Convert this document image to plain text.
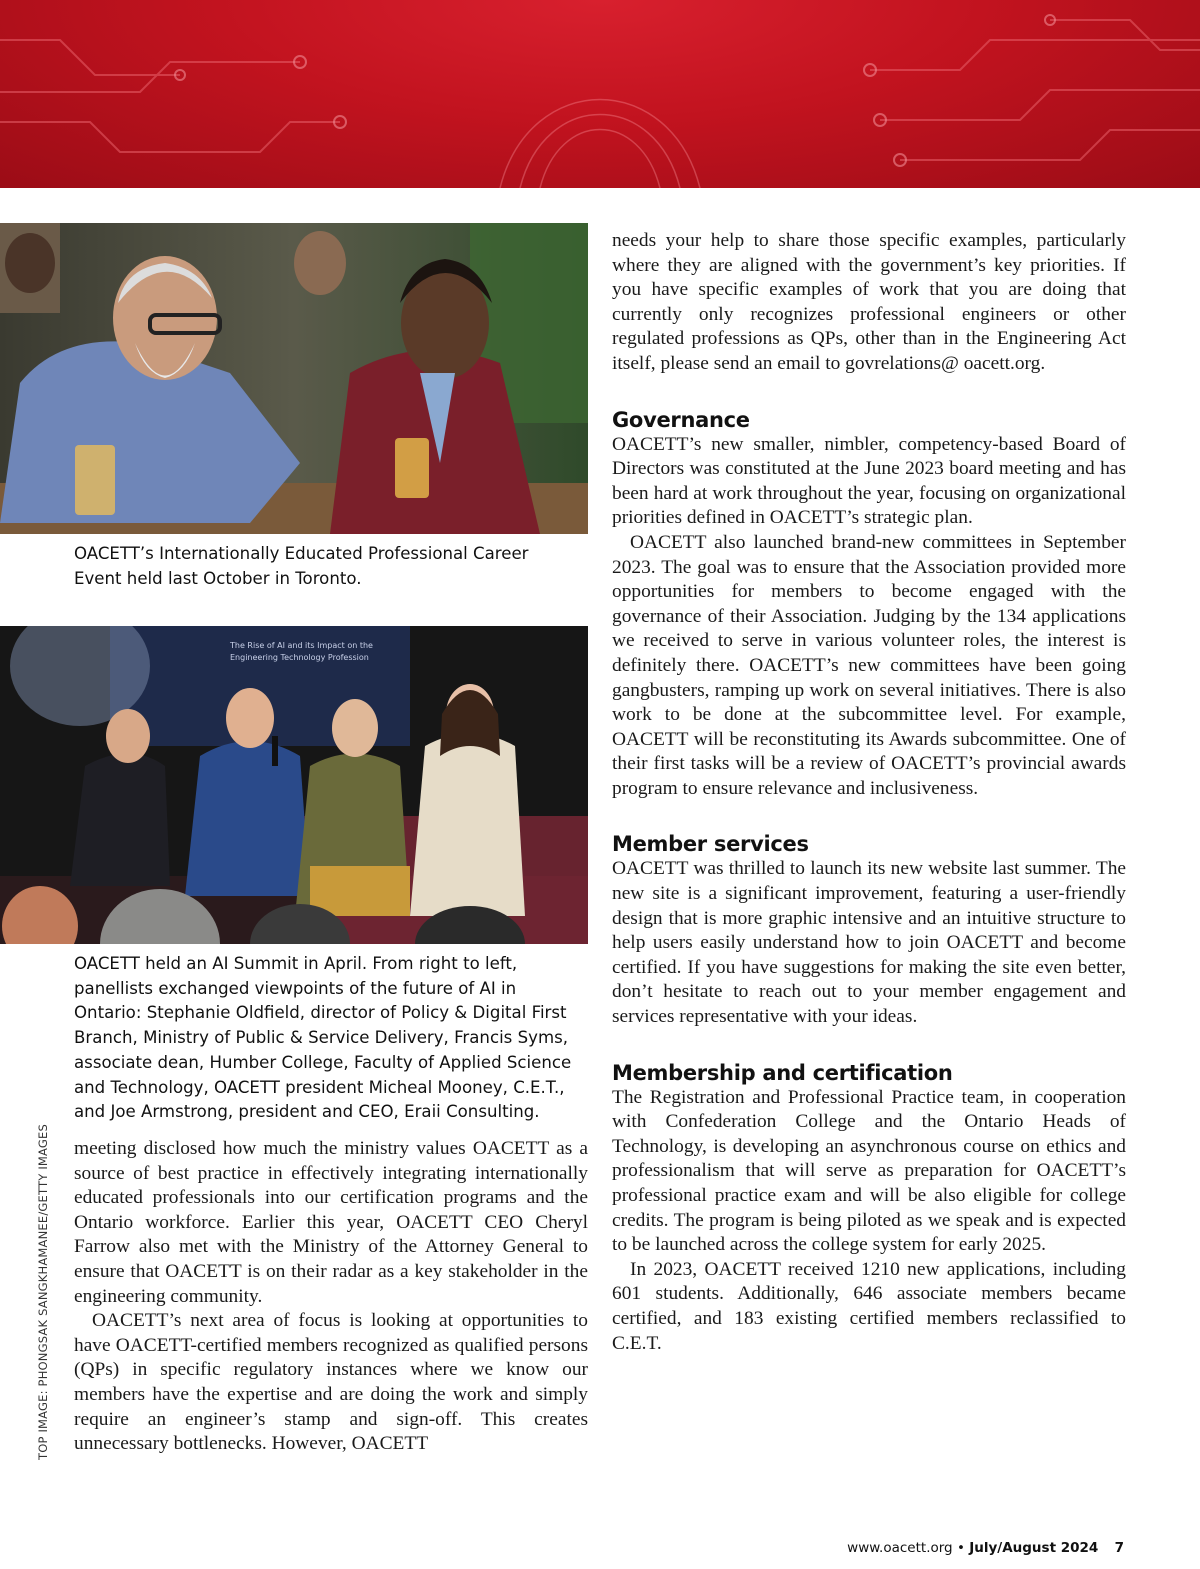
OACETT’s Internationally Educated Professional Career Event held last October in Toronto.

The Rise of AI and its Impact on the
Engineering Technology Profession

OACETT held an AI Summit in April. From right to left, panellists exchanged viewpoints of the future of AI in Ontario: Stephanie Oldfield, director of Policy & Digital First Branch, Ministry of Public & Service Delivery, Francis Syms, associate dean, Humber College, Faculty of Applied Science and Technology, OACETT president Micheal Mooney, C.E.T., and Joe Armstrong, president and CEO, Eraii Consulting.

TOP IMAGE: PHONGSAK SANGKHAMANEE/GETTY IMAGES meeting disclosed how much the ministry values OACETT as a source of best practice in effectively integrating internationally educated professionals into our certification programs and the Ontario workforce. Earlier this year, OACETT CEO Cheryl Farrow also met with the Ministry of the Attorney General to ensure that OACETT is on their radar as a key stakeholder in the engineering community.

OACETT’s next area of focus is looking at opportunities to have OACETT-certified members recognized as qualified persons (QPs) in specific regulatory instances where we know our members have the expertise and are doing the work and simply require an engineer’s stamp and sign-off. This creates unnecessary bottlenecks. However, OACETT

needs your help to share those specific examples, particularly where they are aligned with the government’s key priorities. If you have specific examples of work that you are doing that currently only recognizes professional engineers or other regulated professions as QPs, other than in the Engineering Act itself, please send an email to govrelations@ oacett.org.

Governance

OACETT’s new smaller, nimbler, competency-based Board of Directors was constituted at the June 2023 board meeting and has been hard at work throughout the year, focusing on organizational priorities defined in OACETT’s strategic plan.

OACETT also launched brand-new committees in September 2023. The goal was to ensure that the Association provided more opportunities for members to become engaged with the governance of their Association. Judging by the 134 applications we received to serve in various volunteer roles, the interest is definitely there. OACETT’s new committees have been going gangbusters, ramping up work on several initiatives. There is also work to be done at the subcommittee level. For example, OACETT will be reconstituting its Awards subcommittee. One of their first tasks will be a review of OACETT’s provincial awards program to ensure relevance and inclusiveness.

Member services

OACETT was thrilled to launch its new website last summer. The new site is a significant improvement, featuring a user-friendly design that is more graphic intensive and an intuitive structure to help users easily understand how to join OACETT and become certified. If you have suggestions for making the site even better, don’t hesitate to reach out to your member engagement and services representative with your ideas.

Membership and certification

The Registration and Professional Practice team, in cooperation with Confederation College and the Ontario Heads of Technology, is developing an asynchronous course on ethics and professionalism that will serve as preparation for OACETT’s professional practice exam and will be also eligible for college credits. The program is being piloted as we speak and is expected to be launched across the college system for early 2025.

In 2023, OACETT received 1210 new applications, including 601 students. Additionally, 646 associate members became certified, and 183 existing certified members reclassified to C.E.T.

www.oacett.org • July/August 2024 7
